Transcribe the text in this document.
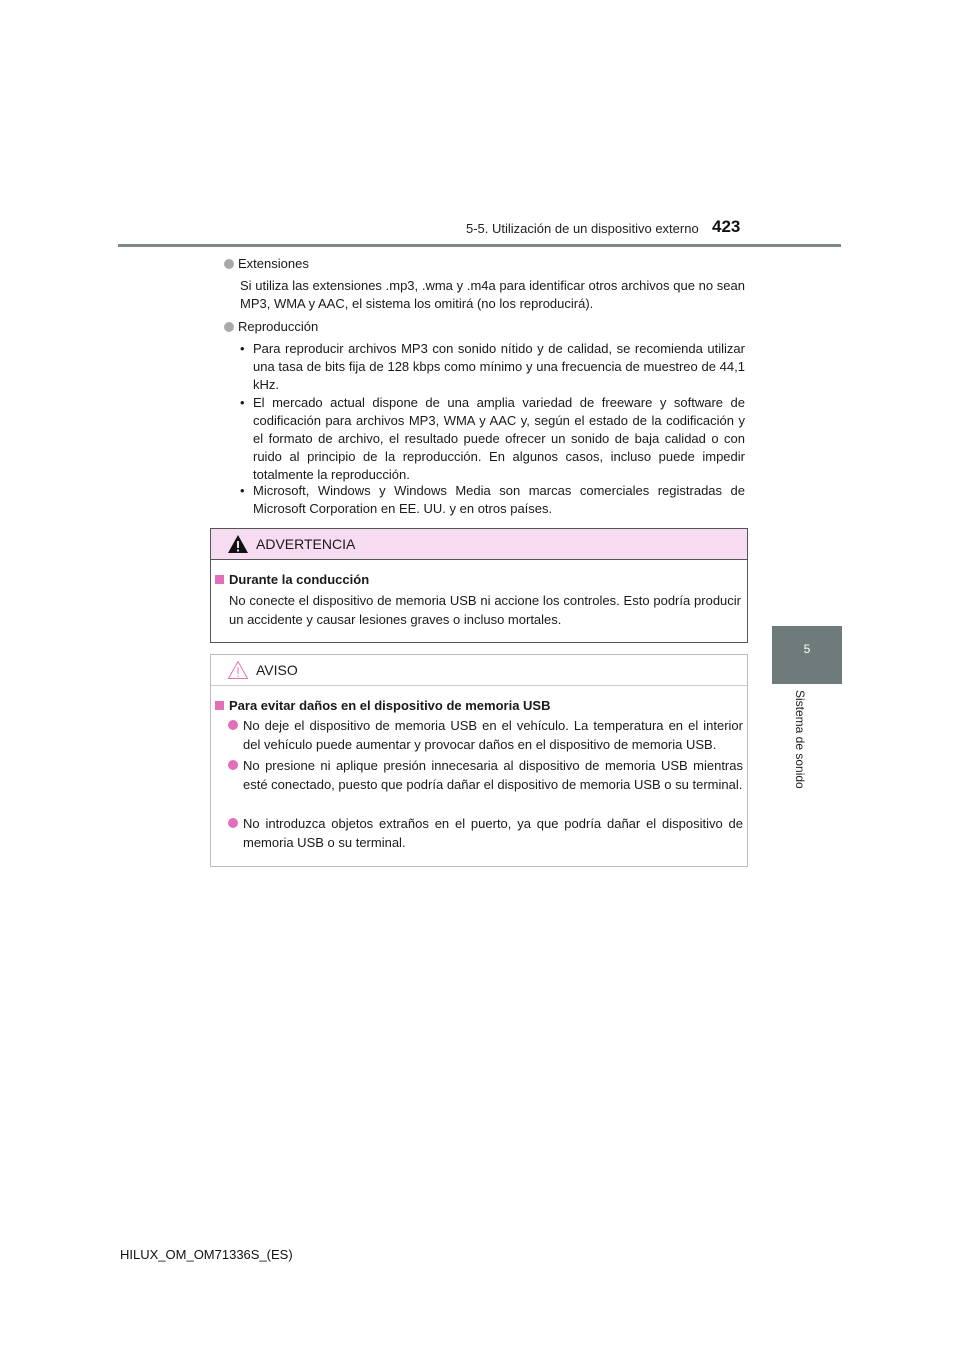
5-5. Utilización de un dispositivo externo 423
5
Sistema de sonido
Extensiones
Si utiliza las extensiones .mp3, .wma y .m4a para identificar otros archivos que no sean MP3, WMA y AAC, el sistema los omitirá (no los reproducirá).
Reproducción
• Para reproducir archivos MP3 con sonido nítido y de calidad, se recomienda utilizar una tasa de bits fija de 128 kbps como mínimo y una frecuencia de muestreo de 44,1 kHz.
• El mercado actual dispone de una amplia variedad de freeware y software de codificación para archivos MP3, WMA y AAC y, según el estado de la codificación y el formato de archivo, el resultado puede ofrecer un sonido de baja calidad o con ruido al principio de la reproducción. En algunos casos, incluso puede impedir totalmente la reproducción.
• Microsoft, Windows y Windows Media son marcas comerciales registradas de Microsoft Corporation en EE. UU. y en otros países.
ADVERTENCIA
Durante la conducción
No conecte el dispositivo de memoria USB ni accione los controles. Esto podría producir un accidente y causar lesiones graves o incluso mortales.
AVISO
Para evitar daños en el dispositivo de memoria USB
No deje el dispositivo de memoria USB en el vehículo. La temperatura en el interior del vehículo puede aumentar y provocar daños en el dispositivo de memoria USB.
No presione ni aplique presión innecesaria al dispositivo de memoria USB mientras esté conectado, puesto que podría dañar el dispositivo de memoria USB o su terminal.
No introduzca objetos extraños en el puerto, ya que podría dañar el dispositivo de memoria USB o su terminal.
HILUX_OM_OM71336S_(ES)
